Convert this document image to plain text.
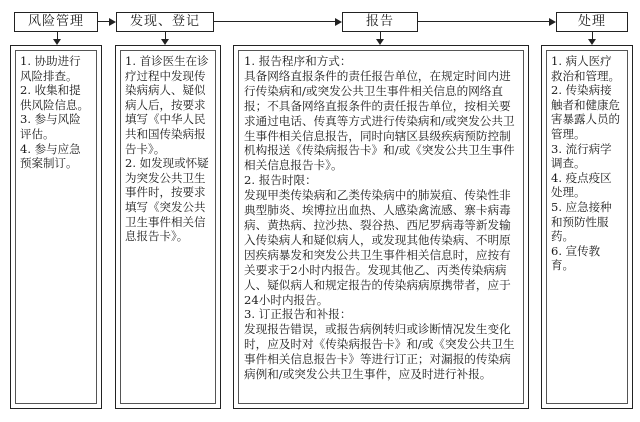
风险管理	发现、登记	报告	处理

1. 协助进行风险排查。

2. 收集和提供风险信息。

3. 参与风险评估。

4. 参与应急预案制订。

1. 首诊医生在诊疗过程中发现传染病病人、疑似病人后，按要求填写《中华人民共和国传染病报告卡》。

2. 如发现或怀疑为突发公共卫生事件时，按要求填写《突发公共卫生事件相关信息报告卡》。

1. 报告程序和方式：

具备网络直报条件的责任报告单位，在规定时间内进行传染病和/或突发公共卫生事件相关信息的网络直报；不具备网络直报条件的责任报告单位，按相关要求通过电话、传真等方式进行传染病和/或突发公共卫生事件相关信息报告，同时向辖区县级疾病预防控制机构报送《传染病报告卡》和/或《突发公共卫生事件相关信息报告卡》。

2. 报告时限：

发现甲类传染病和乙类传染病中的肺炭疽、传染性非典型肺炎、埃博拉出血热、人感染禽流感、寨卡病毒病、黄热病、拉沙热、裂谷热、西尼罗病毒等新发输入传染病人和疑似病人，或发现其他传染病、不明原因疾病暴发和突发公共卫生事件相关信息时，应按有关要求于2小时内报告。发现其他乙、丙类传染病病人、疑似病人和规定报告的传染病病原携带者，应于24小时内报告。

3. 订正报告和补报：

发现报告错误，或报告病例转归或诊断情况发生变化时，应及时对《传染病报告卡》和/或《突发公共卫生事件相关信息报告卡》等进行订正；对漏报的传染病病例和/或突发公共卫生事件，应及时进行补报。

1. 病人医疗救治和管理。

2. 传染病接触者和健康危害暴露人员的管理。

3. 流行病学调查。

4. 疫点疫区处理。

5. 应急接种和预防性服药。

6. 宣传教育。
